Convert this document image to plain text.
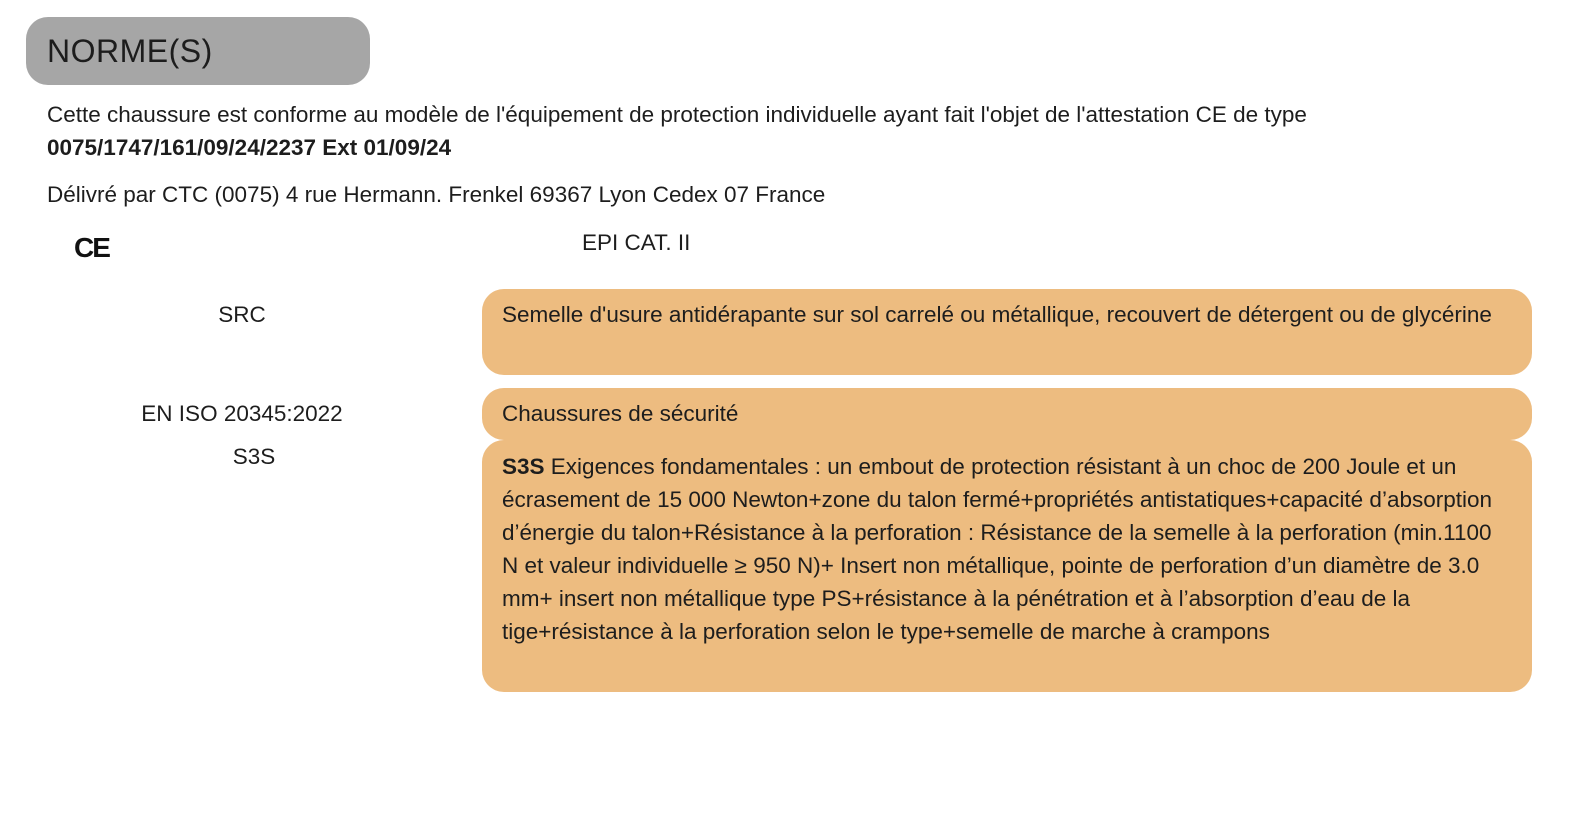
NORME(S)
Cette chaussure est conforme au modèle de l'équipement de protection individuelle ayant fait l'objet de l'attestation CE de type 0075/1747/161/09/24/2237 Ext 01/09/24
Délivré par CTC (0075) 4 rue Hermann. Frenkel 69367 Lyon Cedex 07 France
CE	EPI CAT. II
SRC	Semelle d'usure antidérapante sur sol carrelé ou métallique, recouvert de détergent ou de glycérine
EN ISO 20345:2022	Chaussures de sécurité
S3S	S3S Exigences fondamentales : un embout de protection résistant à un choc de 200 Joule et un écrasement de 15 000 Newton+zone du talon fermé+propriétés antistatiques+capacité d’absorption d’énergie du talon+Résistance à la perforation : Résistance de la semelle à la perforation (min.1100 N et valeur individuelle ≥ 950 N)+ Insert non métallique, pointe de perforation d’un diamètre de 3.0 mm+ insert non métallique type PS+résistance à la pénétration et à l’absorption d’eau de la tige+résistance à la perforation selon le type+semelle de marche à crampons
